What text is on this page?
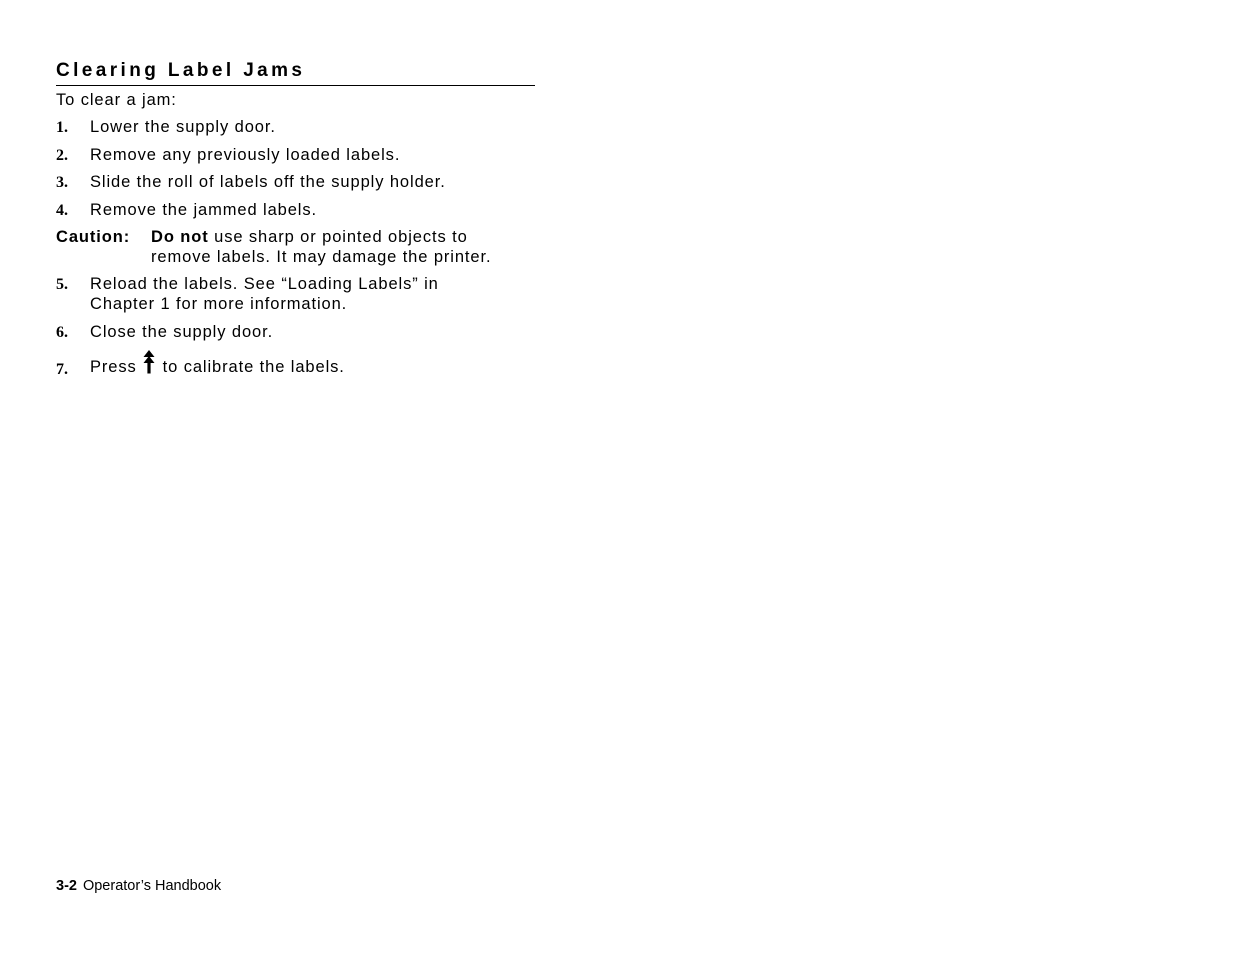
Clearing Label Jams
To clear a jam:
1. Lower the supply door.
2. Remove any previously loaded labels.
3. Slide the roll of labels off the supply holder.
4. Remove the jammed labels.
Caution: Do not use sharp or pointed objects to
remove labels. It may damage the printer.
5. Reload the labels. See “Loading Labels” in
Chapter 1 for more information.
6. Close the supply door.
7. Press to calibrate the labels.
3-2 Operator’s Handbook
